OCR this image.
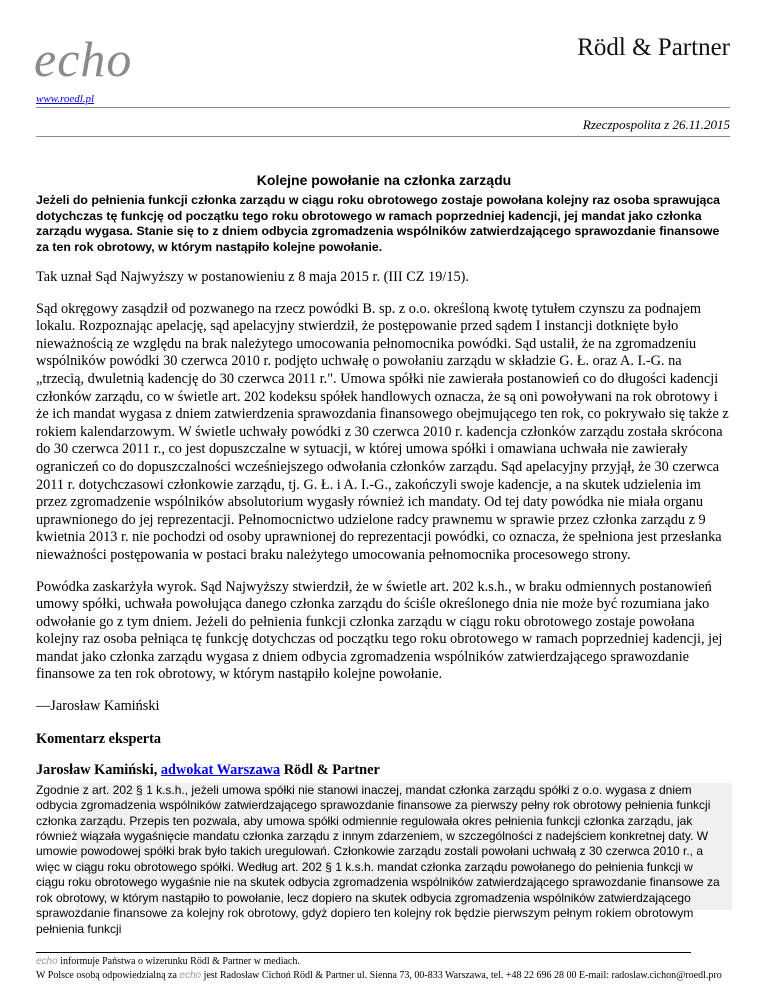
echo
www.roedl.pl
Rödl & Partner
Rzeczpospolita z 26.11.2015
Kolejne powołanie na członka zarządu

Jeżeli do pełnienia funkcji członka zarządu w ciągu roku obrotowego zostaje powołana kolejny raz osoba sprawująca dotychczas tę funkcję od początku tego roku obrotowego w ramach poprzedniej kadencji, jej mandat jako członka zarządu wygasa. Stanie się to z dniem odbycia zgromadzenia wspólników zatwierdzającego sprawozdanie finansowe za ten rok obrotowy, w którym nastąpiło kolejne powołanie.

Tak uznał Sąd Najwyższy w postanowieniu z 8 maja 2015 r. (III CZ 19/15).

Sąd okręgowy zasądził od pozwanego na rzecz powódki B. sp. z o.o. określoną kwotę tytułem czynszu za podnajem lokalu. Rozpoznając apelację, sąd apelacyjny stwierdził, że postępowanie przed sądem I instancji dotknięte było nieważnością ze względu na brak należytego umocowania pełnomocnika powódki. Sąd ustalił, że na zgromadzeniu wspólników powódki 30 czerwca 2010 r. podjęto uchwałę o powołaniu zarządu w składzie G. Ł. oraz A. I.-G. na „trzecią, dwuletnią kadencję do 30 czerwca 2011 r.". Umowa spółki nie zawierała postanowień co do długości kadencji członków zarządu, co w świetle art. 202 kodeksu spółek handlowych oznacza, że są oni powoływani na rok obrotowy i że ich mandat wygasa z dniem zatwierdzenia sprawozdania finansowego obejmującego ten rok, co pokrywało się także z rokiem kalendarzowym. W świetle uchwały powódki z 30 czerwca 2010 r. kadencja członków zarządu została skrócona do 30 czerwca 2011 r., co jest dopuszczalne w sytuacji, w której umowa spółki i omawiana uchwała nie zawierały ograniczeń co do dopuszczalności wcześniejszego odwołania członków zarządu. Sąd apelacyjny przyjął, że 30 czerwca 2011 r. dotychczasowi członkowie zarządu, tj. G. Ł. i A. I.-G., zakończyli swoje kadencje, a na skutek udzielenia im przez zgromadzenie wspólników absolutorium wygasły również ich mandaty. Od tej daty powódka nie miała organu uprawnionego do jej reprezentacji. Pełnomocnictwo udzielone radcy prawnemu w sprawie przez członka zarządu z 9 kwietnia 2013 r. nie pochodzi od osoby uprawnionej do reprezentacji powódki, co oznacza, że spełniona jest przesłanka nieważności postępowania w postaci braku należytego umocowania pełnomocnika procesowego strony.

Powódka zaskarżyła wyrok. Sąd Najwyższy stwierdził, że w świetle art. 202 k.s.h., w braku odmiennych postanowień umowy spółki, uchwała powołująca danego członka zarządu do ściśle określonego dnia nie może być rozumiana jako odwołanie go z tym dniem. Jeżeli do pełnienia funkcji członka zarządu w ciągu roku obrotowego zostaje powołana kolejny raz osoba pełniąca tę funkcję dotychczas od początku tego roku obrotowego w ramach poprzedniej kadencji, jej mandat jako członka zarządu wygasa z dniem odbycia zgromadzenia wspólników zatwierdzającego sprawozdanie finansowe za ten rok obrotowy, w którym nastąpiło kolejne powołanie.

—Jarosław Kamiński

Komentarz eksperta
Jarosław Kamiński, adwokat Warszawa Rödl & Partner
Zgodnie z art. 202 § 1 k.s.h., jeżeli umowa spółki nie stanowi inaczej, mandat członka zarządu spółki z o.o. wygasa z dniem odbycia zgromadzenia wspólników zatwierdzającego sprawozdanie finansowe za pierwszy pełny rok obrotowy pełnienia funkcji członka zarządu. Przepis ten pozwala, aby umowa spółki odmiennie regulowała okres pełnienia funkcji członka zarządu, jak również wiązała wygaśnięcie mandatu członka zarządu z innym zdarzeniem, w szczególności z nadejściem konkretnej daty. W umowie powodowej spółki brak było takich uregulowań. Członkowie zarządu zostali powołani uchwałą z 30 czerwca 2010 r., a więc w ciągu roku obrotowego spółki. Według art. 202 § 1 k.s.h. mandat członka zarządu powołanego do pełnienia funkcji w ciągu roku obrotowego wygaśnie nie na skutek odbycia zgromadzenia wspólników zatwierdzającego sprawozdanie finansowe za rok obrotowy, w którym nastąpiło to powołanie, lecz dopiero na skutek odbycia zgromadzenia wspólników zatwierdzającego sprawozdanie finansowe za kolejny rok obrotowy, gdyż dopiero ten kolejny rok będzie pierwszym pełnym rokiem obrotowym pełnienia funkcji
echo informuje Państwa o wizerunku Rödl & Partner w mediach.
W Polsce osobą odpowiedzialną za echo jest Radosław Cichoń Rödl & Partner ul. Sienna 73, 00-833 Warszawa, tel. +48 22 696 28 00 E-mail: radoslaw.cichon@roedl.pro
